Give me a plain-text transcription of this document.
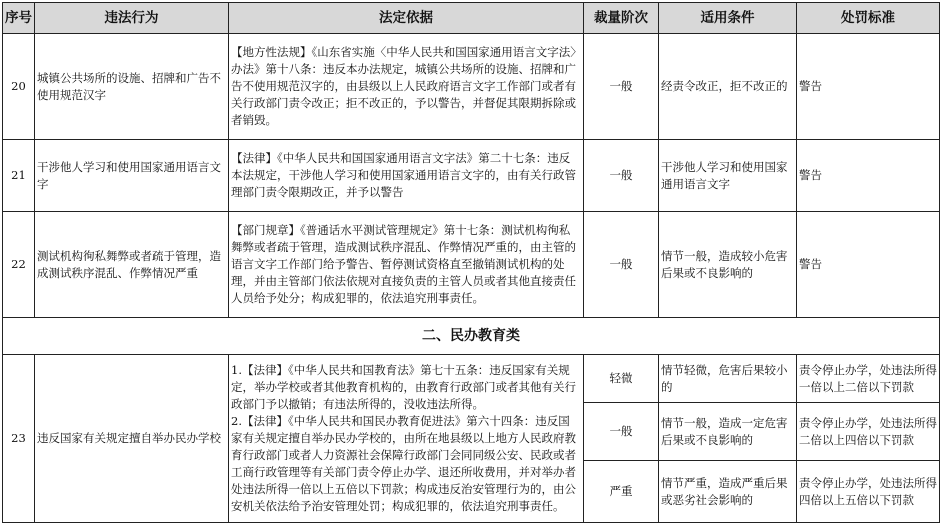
序号	违法行为	法定依据	裁量阶次	适用条件	处罚标准
20	城镇公共场所的设施、招牌和广告不使用规范汉字	【地方性法规】《山东省实施〈中华人民共和国国家通用语言文字法〉办法》第十八条：违反本办法规定，城镇公共场所的设施、招牌和广告不使用规范汉字的，由县级以上人民政府语言文字工作部门或者有关行政部门责令改正；拒不改正的，予以警告，并督促其限期拆除或者销毁。	一般	经责令改正，拒不改正的	警告
21	干涉他人学习和使用国家通用语言文字	【法律】《中华人民共和国国家通用语言文字法》第二十七条：违反本法规定，干涉他人学习和使用国家通用语言文字的，由有关行政管理部门责令限期改正，并予以警告	一般	干涉他人学习和使用国家通用语言文字	警告
22	测试机构徇私舞弊或者疏于管理，造成测试秩序混乱、作弊情况严重	【部门规章】《普通话水平测试管理规定》第十七条：测试机构徇私舞弊或者疏于管理，造成测试秩序混乱、作弊情况严重的，由主管的语言文字工作部门给予警告、暂停测试资格直至撤销测试机构的处理，并由主管部门依法依规对直接负责的主管人员或者其他直接责任人员给予处分；构成犯罪的，依法追究刑事责任。	一般	情节一般，造成较小危害后果或不良影响的	警告
二、民办教育类					
23	违反国家有关规定擅自举办民办学校	1.【法律】《中华人民共和国教育法》第七十五条：违反国家有关规定，举办学校或者其他教育机构的，由教育行政部门或者其他有关行政部门予以撤销；有违法所得的，没收违法所得。
2.【法律】《中华人民共和国民办教育促进法》第六十四条：违反国家有关规定擅自举办民办学校的，由所在地县级以上地方人民政府教育行政部门或者人力资源社会保障行政部门会同同级公安、民政或者工商行政管理等有关部门责令停止办学、退还所收费用，并对举办者处违法所得一倍以上五倍以下罚款；构成违反治安管理行为的，由公安机关依法给予治安管理处罚；构成犯罪的，依法追究刑事责任。	轻微	情节轻微，危害后果较小的	责令停止办学，处违法所得一倍以上二倍以下罚款
			一般	情节一般，造成一定危害后果或不良影响的	责令停止办学，处违法所得二倍以上四倍以下罚款
			严重	情节严重，造成严重后果或恶劣社会影响的	责令停止办学，处违法所得四倍以上五倍以下罚款
